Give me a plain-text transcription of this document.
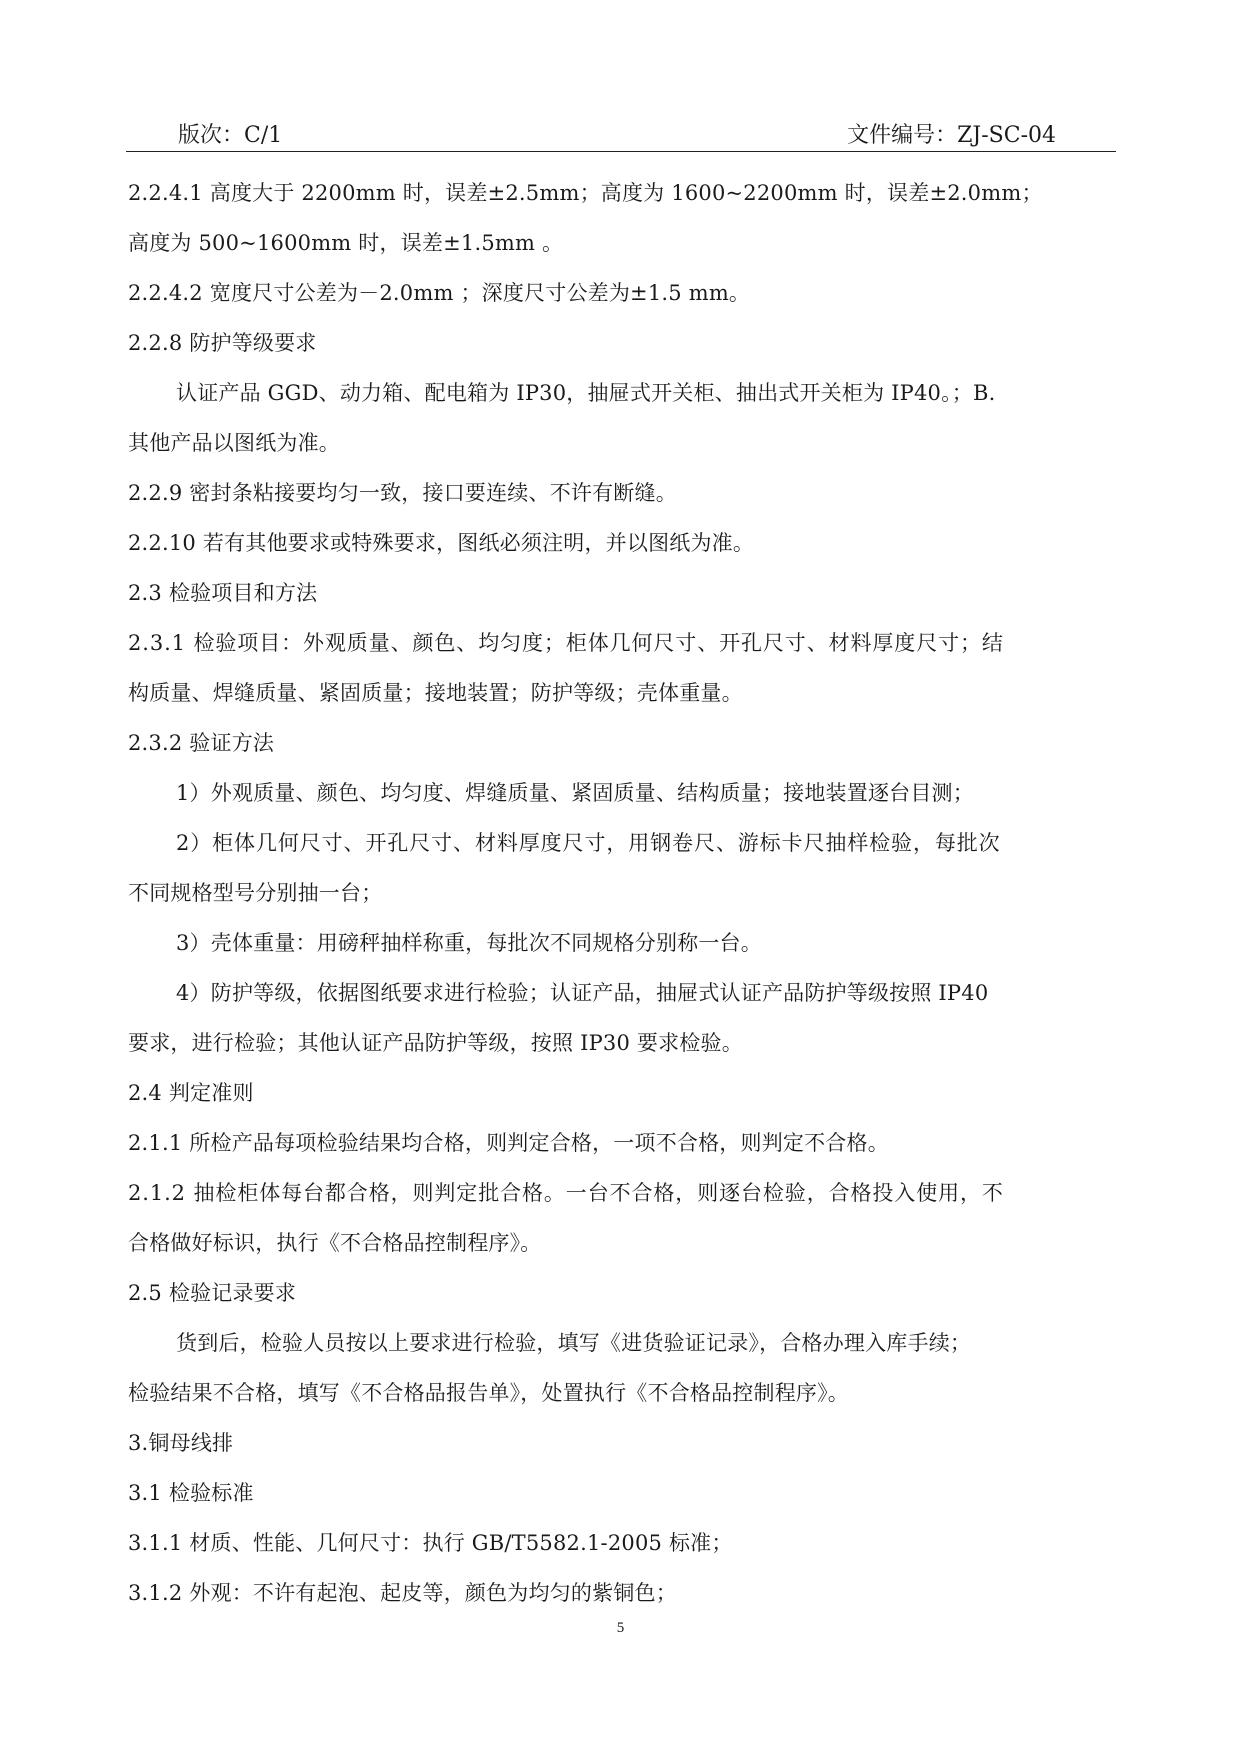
版次：C/1	文件编号：ZJ-SC-04
2.2.4.1 高度大于 2200mm 时，误差±2.5mm；高度为 1600~2200mm 时，误差±2.0mm；
高度为 500~1600mm 时，误差±1.5mm 。
2.2.4.2 宽度尺寸公差为－2.0mm ；深度尺寸公差为±1.5 mm。
2.2.8 防护等级要求
认证产品 GGD、动力箱、配电箱为 IP30，抽屉式开关柜、抽出式开关柜为 IP40。；B.
其他产品以图纸为准。
2.2.9 密封条粘接要均匀一致，接口要连续、不许有断缝。
2.2.10 若有其他要求或特殊要求，图纸必须注明，并以图纸为准。
2.3 检验项目和方法
2.3.1 检验项目：外观质量、颜色、均匀度；柜体几何尺寸、开孔尺寸、材料厚度尺寸；结
构质量、焊缝质量、紧固质量；接地装置；防护等级；壳体重量。
2.3.2 验证方法
1）外观质量、颜色、均匀度、焊缝质量、紧固质量、结构质量；接地装置逐台目测；
2）柜体几何尺寸、开孔尺寸、材料厚度尺寸，用钢卷尺、游标卡尺抽样检验，每批次
不同规格型号分别抽一台；
3）壳体重量：用磅秤抽样称重，每批次不同规格分别称一台。
4）防护等级，依据图纸要求进行检验；认证产品，抽屉式认证产品防护等级按照 IP40
要求，进行检验；其他认证产品防护等级，按照 IP30 要求检验。
2.4 判定准则
2.1.1 所检产品每项检验结果均合格，则判定合格，一项不合格，则判定不合格。
2.1.2 抽检柜体每台都合格，则判定批合格。一台不合格，则逐台检验，合格投入使用，不
合格做好标识，执行《不合格品控制程序》。
2.5 检验记录要求
货到后，检验人员按以上要求进行检验，填写《进货验证记录》，合格办理入库手续；
检验结果不合格，填写《不合格品报告单》，处置执行《不合格品控制程序》。
3.铜母线排
3.1 检验标准
3.1.1 材质、性能、几何尺寸：执行 GB/T5582.1-2005 标准；
3.1.2 外观：不许有起泡、起皮等，颜色为均匀的紫铜色；
5
